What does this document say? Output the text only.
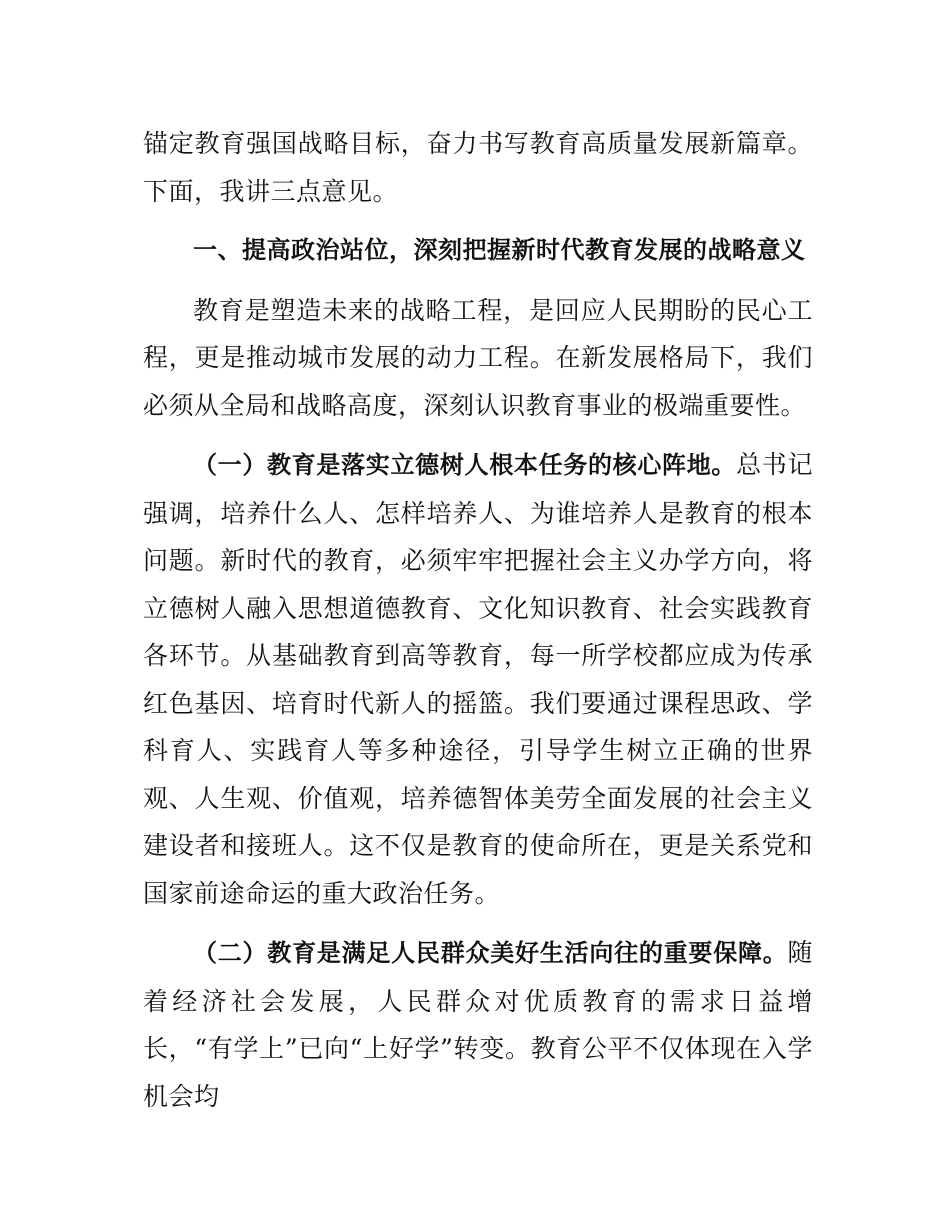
锚定教育强国战略目标，奋力书写教育高质量发展新篇章。下面，我讲三点意见。

一、提高政治站位，深刻把握新时代教育发展的战略意义

教育是塑造未来的战略工程，是回应人民期盼的民心工程，更是推动城市发展的动力工程。在新发展格局下，我们必须从全局和战略高度，深刻认识教育事业的极端重要性。

（一）教育是落实立德树人根本任务的核心阵地。总书记强调，培养什么人、怎样培养人、为谁培养人是教育的根本问题。新时代的教育，必须牢牢把握社会主义办学方向，将立德树人融入思想道德教育、文化知识教育、社会实践教育各环节。从基础教育到高等教育，每一所学校都应成为传承红色基因、培育时代新人的摇篮。我们要通过课程思政、学科育人、实践育人等多种途径，引导学生树立正确的世界观、人生观、价值观，培养德智体美劳全面发展的社会主义建设者和接班人。这不仅是教育的使命所在，更是关系党和国家前途命运的重大政治任务。

（二）教育是满足人民群众美好生活向往的重要保障。随着经济社会发展，人民群众对优质教育的需求日益增长，“有学上”已向“上好学”转变。教育公平不仅体现在入学机会均
